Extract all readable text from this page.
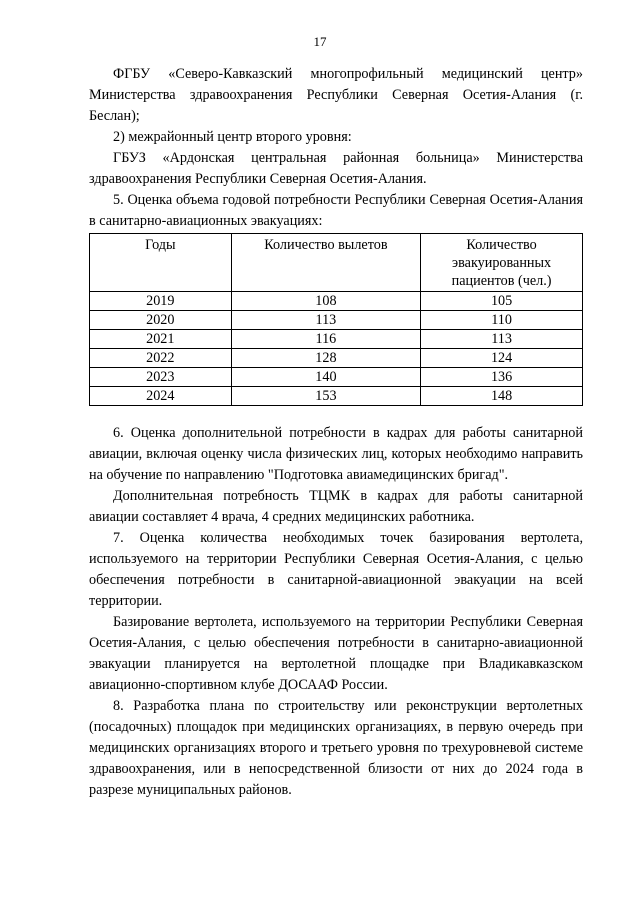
17

ФГБУ «Северо-Кавказский многопрофильный медицинский центр» Министерства здравоохранения Республики Северная Осетия-Алания (г. Беслан);

2) межрайонный центр второго уровня:

ГБУЗ «Ардонская центральная районная больница» Министерства здравоохранения Республики Северная Осетия-Алания.

5. Оценка объема годовой потребности Республики Северная Осетия-Алания в санитарно-авиационных эвакуациях:

Годы	Количество вылетов	Количество эвакуированных пациентов (чел.)
2019	108	105
2020	113	110
2021	116	113
2022	128	124
2023	140	136
2024	153	148

6. Оценка дополнительной потребности в кадрах для работы санитарной авиации, включая оценку числа физических лиц, которых необходимо направить на обучение по направлению "Подготовка авиамедицинских бригад".

Дополнительная потребность ТЦМК в кадрах для работы санитарной авиации составляет 4 врача, 4 средних медицинских работника.

7. Оценка количества необходимых точек базирования вертолета, используемого на территории Республики Северная Осетия-Алания, с целью обеспечения потребности в санитарной-авиационной эвакуации на всей территории.

Базирование вертолета, используемого на территории Республики Северная Осетия-Алания, с целью обеспечения потребности в санитарно-авиационной эвакуации планируется на вертолетной площадке при Владикавказском авиационно-спортивном клубе ДОСААФ России.

8. Разработка плана по строительству или реконструкции вертолетных (посадочных) площадок при медицинских организациях, в первую очередь при медицинских организациях второго и третьего уровня по трехуровневой системе здравоохранения, или в непосредственной близости от них до 2024 года в разрезе муниципальных районов.
